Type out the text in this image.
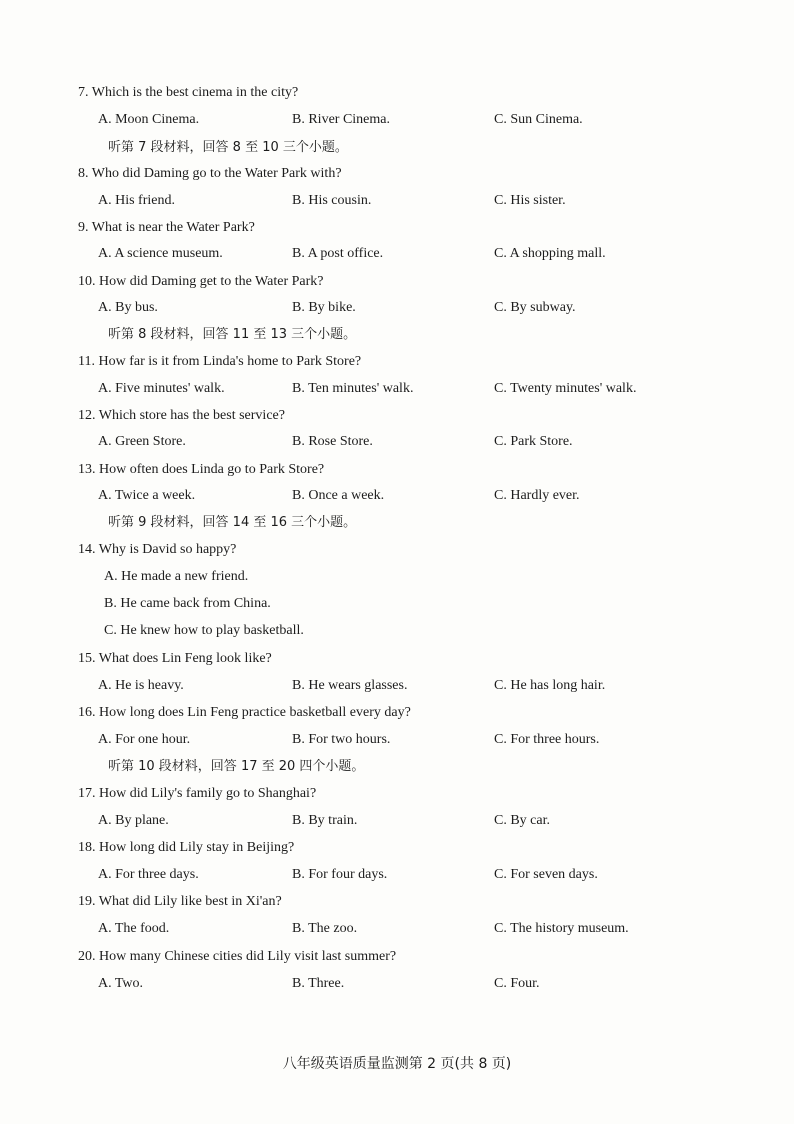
7. Which is the best cinema in the city?
A. Moon Cinema.	B. River Cinema.	C. Sun Cinema.
听第 7 段材料，回答 8 至 10 三个小题。
8. Who did Daming go to the Water Park with?
A. His friend.	B. His cousin.	C. His sister.
9. What is near the Water Park?
A. A science museum.	B. A post office.	C. A shopping mall.
10. How did Daming get to the Water Park?
A. By bus.	B. By bike.	C. By subway.
听第 8 段材料，回答 11 至 13 三个小题。
11. How far is it from Linda's home to Park Store?
A. Five minutes' walk.	B. Ten minutes' walk.	C. Twenty minutes' walk.
12. Which store has the best service?
A. Green Store.	B. Rose Store.	C. Park Store.
13. How often does Linda go to Park Store?
A. Twice a week.	B. Once a week.	C. Hardly ever.
听第 9 段材料，回答 14 至 16 三个小题。
14. Why is David so happy?
A. He made a new friend.
B. He came back from China.
C. He knew how to play basketball.
15. What does Lin Feng look like?
A. He is heavy.	B. He wears glasses.	C. He has long hair.
16. How long does Lin Feng practice basketball every day?
A. For one hour.	B. For two hours.	C. For three hours.
听第 10 段材料，回答 17 至 20 四个小题。
17. How did Lily's family go to Shanghai?
A. By plane.	B. By train.	C. By car.
18. How long did Lily stay in Beijing?
A. For three days.	B. For four days.	C. For seven days.
19. What did Lily like best in Xi'an?
A. The food.	B. The zoo.	C. The history museum.
20. How many Chinese cities did Lily visit last summer?
A. Two.	B. Three.	C. Four.
八年级英语质量监测第 2 页(共 8 页)
